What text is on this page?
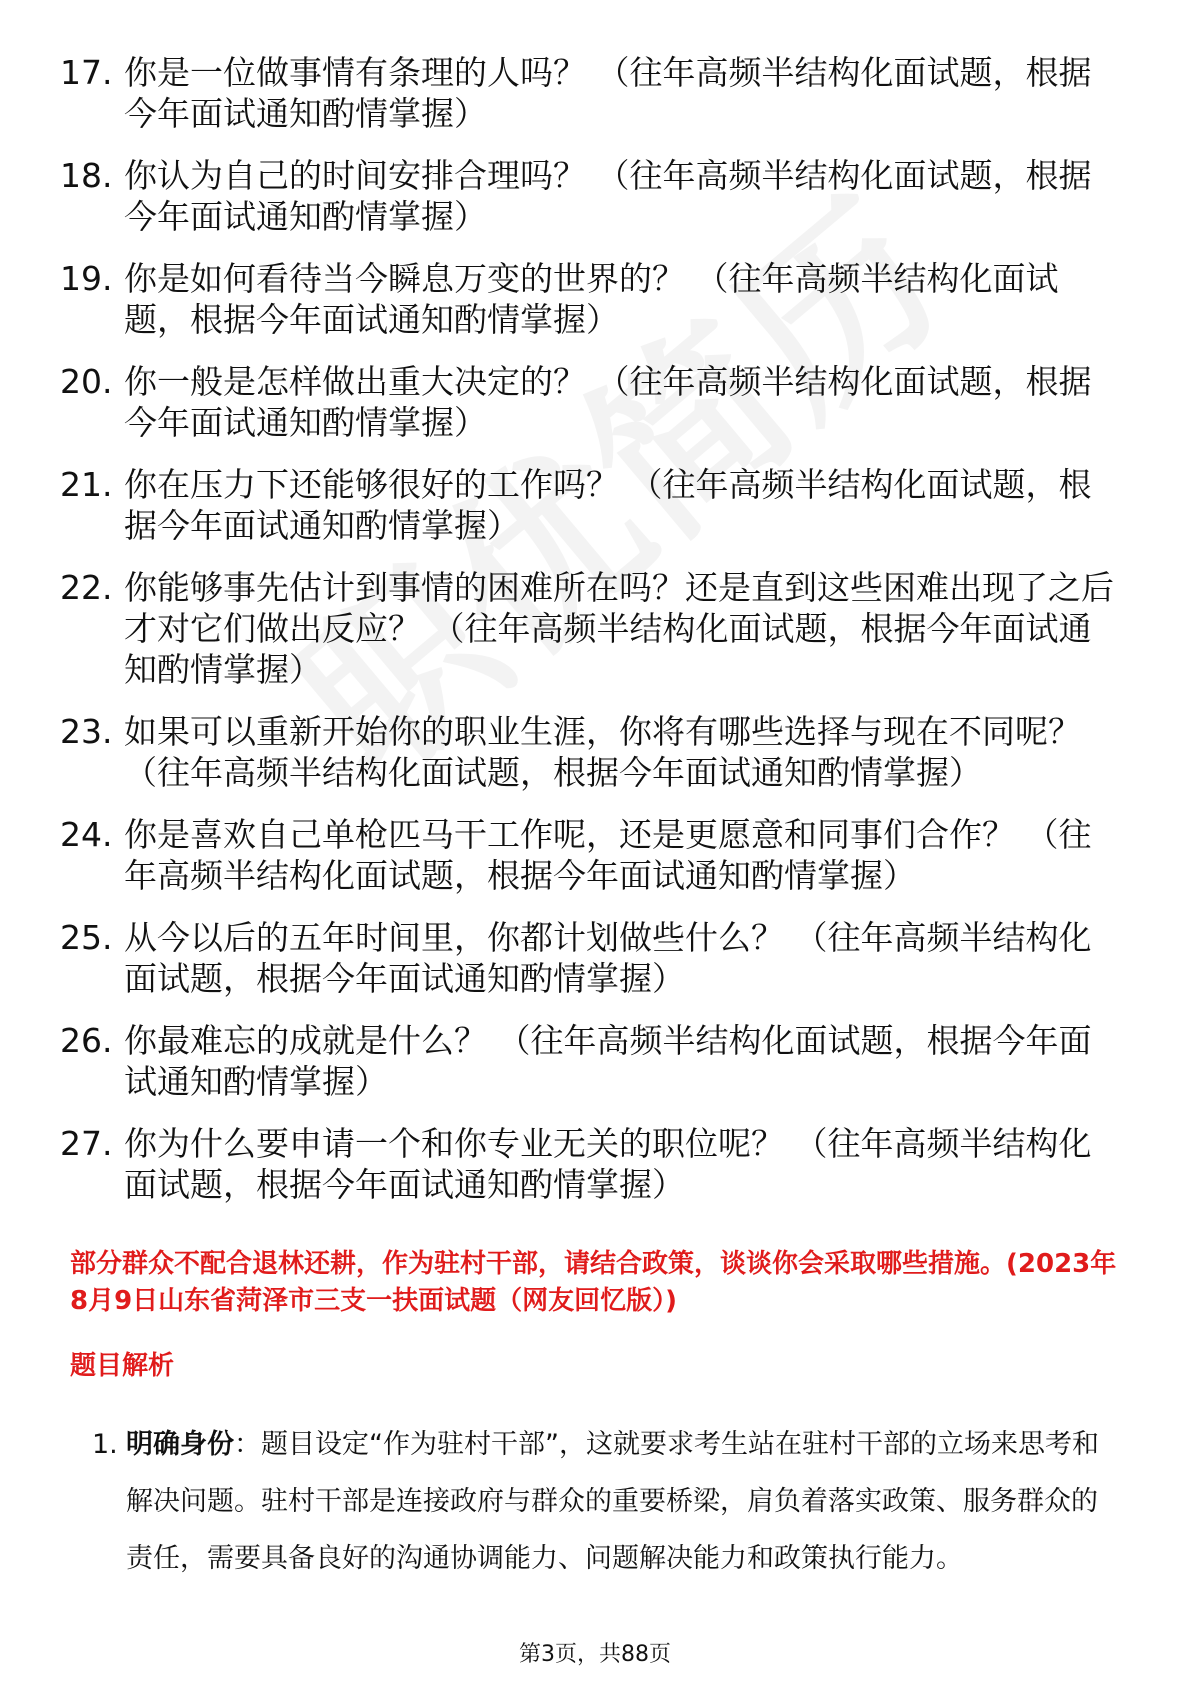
17. 你是一位做事情有条理的人吗？ （往年高频半结构化面试题，根据今年面试通知酌情掌握）
18. 你认为自己的时间安排合理吗？ （往年高频半结构化面试题，根据今年面试通知酌情掌握）
19. 你是如何看待当今瞬息万变的世界的？ （往年高频半结构化面试题，根据今年面试通知酌情掌握）
20. 你一般是怎样做出重大决定的？ （往年高频半结构化面试题，根据今年面试通知酌情掌握）
21. 你在压力下还能够很好的工作吗？ （往年高频半结构化面试题，根据今年面试通知酌情掌握）
22. 你能够事先估计到事情的困难所在吗？还是直到这些困难出现了之后才对它们做出反应？ （往年高频半结构化面试题，根据今年面试通知酌情掌握）
23. 如果可以重新开始你的职业生涯，你将有哪些选择与现在不同呢？ （往年高频半结构化面试题，根据今年面试通知酌情掌握）
24. 你是喜欢自己单枪匹马干工作呢，还是更愿意和同事们合作？ （往年高频半结构化面试题，根据今年面试通知酌情掌握）
25. 从今以后的五年时间里，你都计划做些什么？ （往年高频半结构化面试题，根据今年面试通知酌情掌握）
26. 你最难忘的成就是什么？ （往年高频半结构化面试题，根据今年面试通知酌情掌握）
27. 你为什么要申请一个和你专业无关的职位呢？ （往年高频半结构化面试题，根据今年面试通知酌情掌握）
部分群众不配合退林还耕，作为驻村干部，请结合政策，谈谈你会采取哪些措施。(2023年8月9日山东省菏泽市三支一扶面试题（网友回忆版）)
题目解析
1. 明确身份：题目设定“作为驻村干部”，这就要求考生站在驻村干部的立场来思考和解决问题。驻村干部是连接政府与群众的重要桥梁，肩负着落实政策、服务群众的责任，需要具备良好的沟通协调能力、问题解决能力和政策执行能力。
第3页，共88页
